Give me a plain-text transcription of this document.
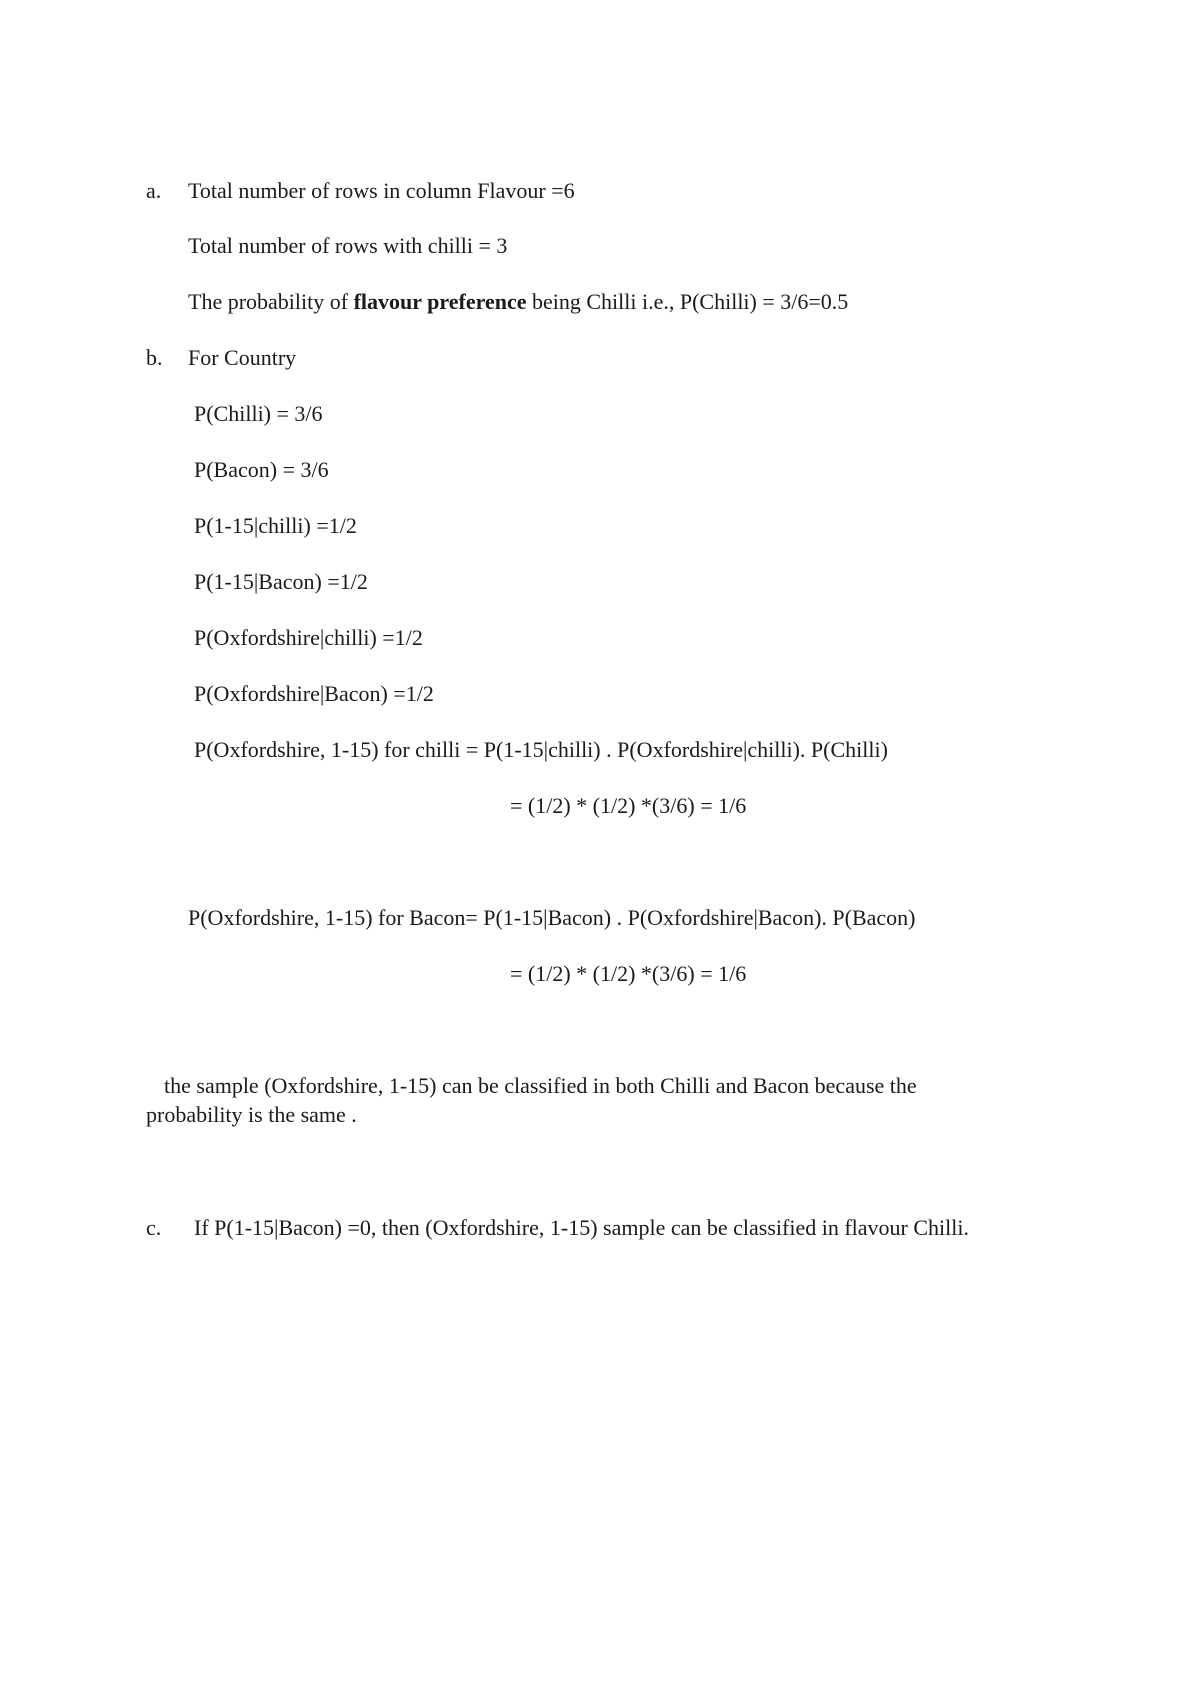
a. Total number of rows in column Flavour =6
Total number of rows with chilli = 3
The probability of flavour preference being Chilli i.e., P(Chilli) = 3/6=0.5
b. For Country
P(Chilli) = 3/6
P(Bacon) = 3/6
P(1-15|chilli) =1/2
P(1-15|Bacon) =1/2
P(Oxfordshire|chilli) =1/2
P(Oxfordshire|Bacon) =1/2
P(Oxfordshire, 1-15) for chilli = P(1-15|chilli) . P(Oxfordshire|chilli). P(Chilli)
= (1/2) * (1/2) *(3/6) = 1/6
P(Oxfordshire, 1-15) for Bacon= P(1-15|Bacon) . P(Oxfordshire|Bacon). P(Bacon)
= (1/2) * (1/2) *(3/6) = 1/6
the sample (Oxfordshire, 1-15) can be classified in both Chilli and Bacon because the
probability is the same .
c. If P(1-15|Bacon) =0, then (Oxfordshire, 1-15) sample can be classified in flavour Chilli.
